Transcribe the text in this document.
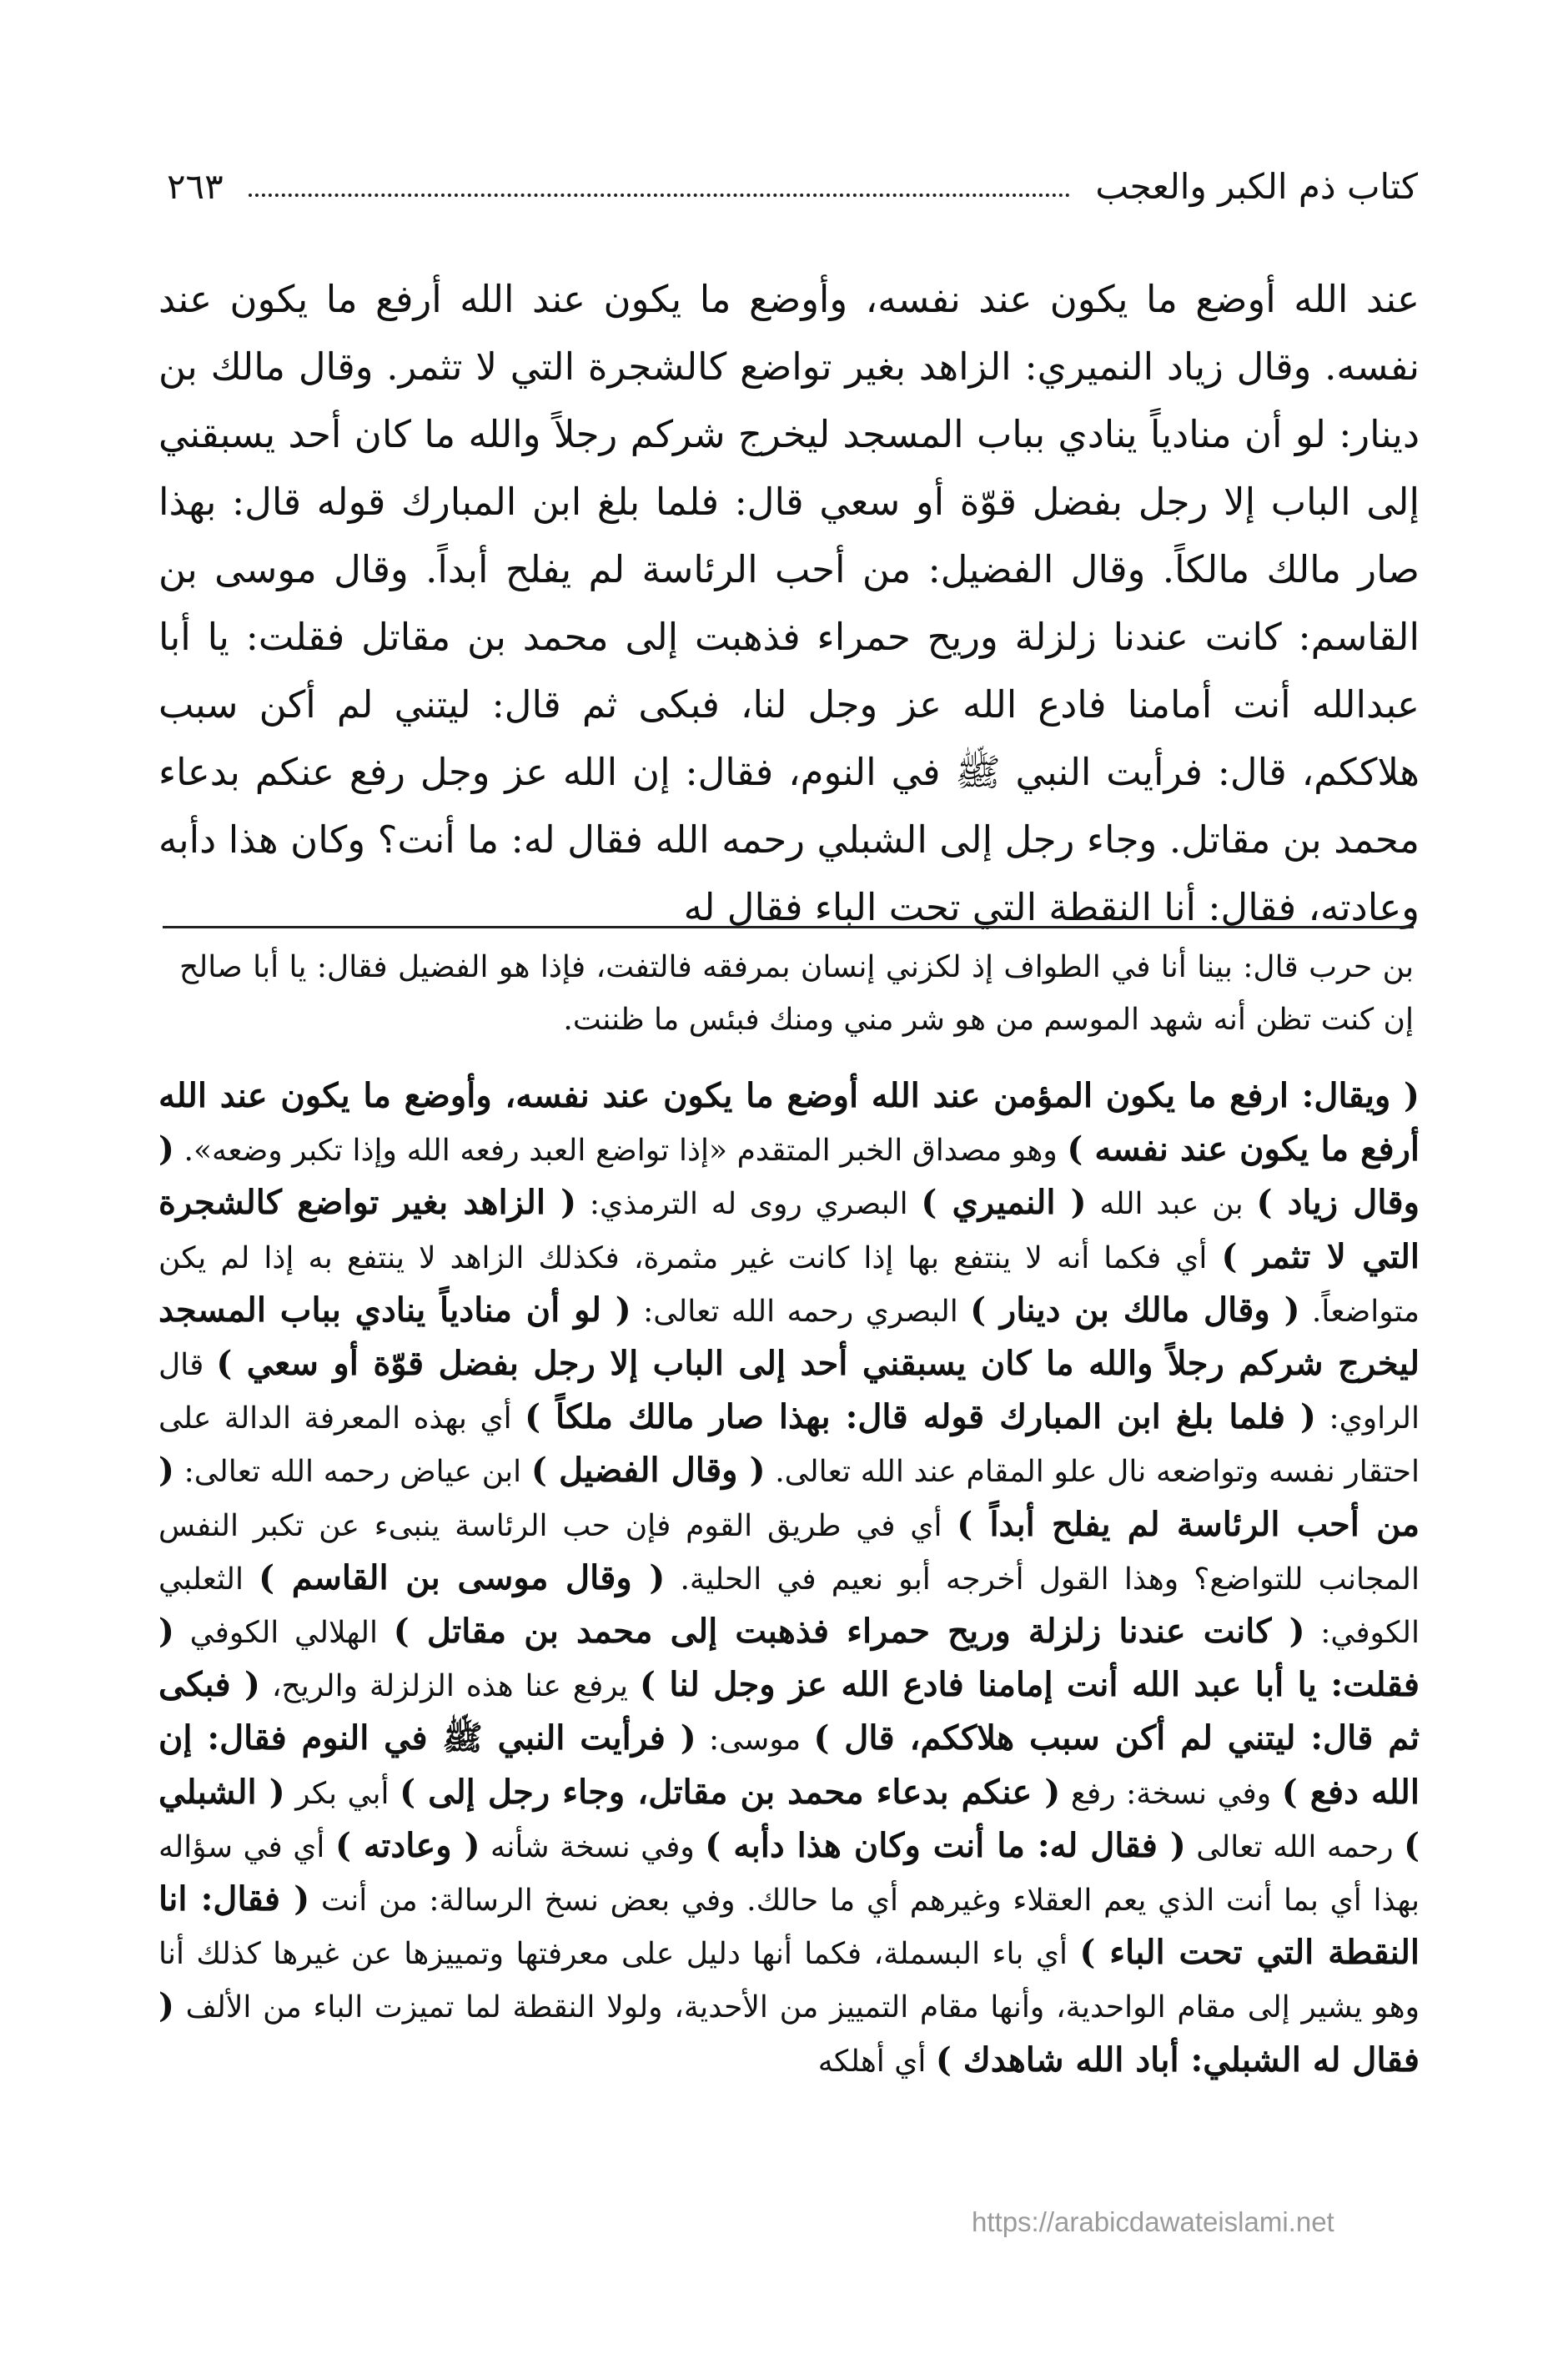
كتاب ذم الكبر والعجب
٢٦٣

عند الله أوضع ما يكون عند نفسه، وأوضع ما يكون عند الله أرفع ما يكون عند نفسه. وقال زياد النميري: الزاهد بغير تواضع كالشجرة التي لا تثمر. وقال مالك بن دينار: لو أن منادياً ينادي بباب المسجد ليخرج شركم رجلاً والله ما كان أحد يسبقني إلى الباب إلا رجل بفضل قوّة أو سعي قال: فلما بلغ ابن المبارك قوله قال: بهذا صار مالك مالكاً. وقال الفضيل: من أحب الرئاسة لم يفلح أبداً. وقال موسى بن القاسم: كانت عندنا زلزلة وريح حمراء فذهبت إلى محمد بن مقاتل فقلت: يا أبا عبدالله أنت أمامنا فادع الله عز وجل لنا، فبكى ثم قال: ليتني لم أكن سبب هلاككم، قال: فرأيت النبي ﷺ في النوم، فقال: إن الله عز وجل رفع عنكم بدعاء محمد بن مقاتل. وجاء رجل إلى الشبلي رحمه الله فقال له: ما أنت؟ وكان هذا دأبه وعادته، فقال: أنا النقطة التي تحت الباء فقال له

بن حرب قال: بينا أنا في الطواف إذ لكزني إنسان بمرفقه فالتفت، فإذا هو الفضيل فقال: يا أبا صالح إن كنت تظن أنه شهد الموسم من هو شر مني ومنك فبئس ما ظننت.

( ويقال: ارفع ما يكون المؤمن عند الله أوضع ما يكون عند نفسه، وأوضع ما يكون عند الله أرفع ما يكون عند نفسه ) وهو مصداق الخبر المتقدم «إذا تواضع العبد رفعه الله وإذا تكبر وضعه». ( وقال زياد ) بن عبد الله ( النميري ) البصري روى له الترمذي: ( الزاهد بغير تواضع كالشجرة التي لا تثمر ) أي فكما أنه لا ينتفع بها إذا كانت غير مثمرة، فكذلك الزاهد لا ينتفع به إذا لم يكن متواضعاً. ( وقال مالك بن دينار ) البصري رحمه الله تعالى: ( لو أن منادياً ينادي بباب المسجد ليخرج شركم رجلاً والله ما كان يسبقني أحد إلى الباب إلا رجل بفضل قوّة أو سعي ) قال الراوي: ( فلما بلغ ابن المبارك قوله قال: بهذا صار مالك ملكاً ) أي بهذه المعرفة الدالة على احتقار نفسه وتواضعه نال علو المقام عند الله تعالى. ( وقال الفضيل ) ابن عياض رحمه الله تعالى: ( من أحب الرئاسة لم يفلح أبداً ) أي في طريق القوم فإن حب الرئاسة ينبىء عن تكبر النفس المجانب للتواضع؟ وهذا القول أخرجه أبو نعيم في الحلية. ( وقال موسى بن القاسم ) الثعلبي الكوفي: ( كانت عندنا زلزلة وريح حمراء فذهبت إلى محمد بن مقاتل ) الهلالي الكوفي ( فقلت: يا أبا عبد الله أنت إمامنا فادع الله عز وجل لنا ) يرفع عنا هذه الزلزلة والريح، ( فبكى ثم قال: ليتني لم أكن سبب هلاككم، قال ) موسى: ( فرأيت النبي ﷺ في النوم فقال: إن الله دفع ) وفي نسخة: رفع ( عنكم بدعاء محمد بن مقاتل، وجاء رجل إلى ) أبي بكر ( الشبلي ) رحمه الله تعالى ( فقال له: ما أنت وكان هذا دأبه ) وفي نسخة شأنه ( وعادته ) أي في سؤاله بهذا أي بما أنت الذي يعم العقلاء وغيرهم أي ما حالك. وفي بعض نسخ الرسالة: من أنت ( فقال: انا النقطة التي تحت الباء ) أي باء البسملة، فكما أنها دليل على معرفتها وتمييزها عن غيرها كذلك أنا وهو يشير إلى مقام الواحدية، وأنها مقام التمييز من الأحدية، ولولا النقطة لما تميزت الباء من الألف ( فقال له الشبلي: أباد الله شاهدك ) أي أهلكه

https://arabicdawateislami.net
